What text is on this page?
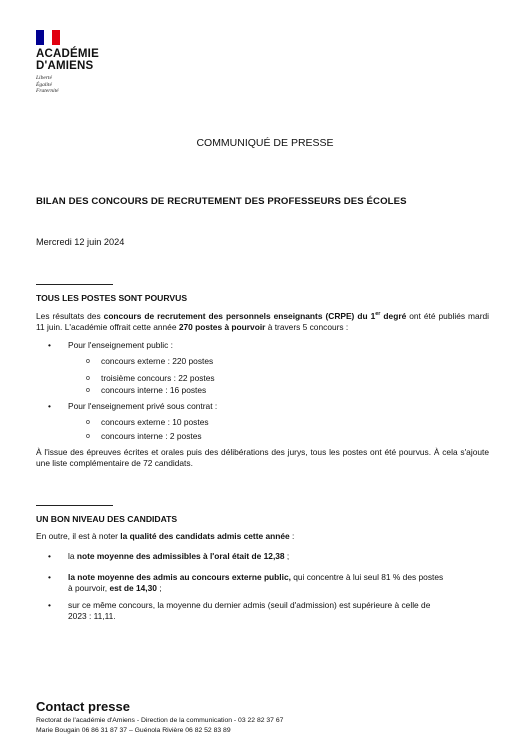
ACADÉMIE
D'AMIENS
Liberté
Égalité
Fraternité
COMMUNIQUÉ DE PRESSE
BILAN DES CONCOURS DE RECRUTEMENT DES PROFESSEURS DES ÉCOLES
Mercredi 12 juin 2024
TOUS LES POSTES SONT POURVUS
Les résultats des concours de recrutement des personnels enseignants (CRPE) du 1er degré ont été publiés mardi 11 juin. L'académie offrait cette année 270 postes à pourvoir à travers 5 concours :
• Pour l'enseignement public :
o concours externe : 220 postes
o troisième concours : 22 postes
o concours interne : 16 postes
• Pour l'enseignement privé sous contrat :
o concours externe : 10 postes
o concours interne : 2 postes
À l'issue des épreuves écrites et orales puis des délibérations des jurys, tous les postes ont été pourvus. À cela s'ajoute une liste complémentaire de 72 candidats.
UN BON NIVEAU DES CANDIDATS
En outre, il est à noter la qualité des candidats admis cette année :
• la note moyenne des admissibles à l'oral était de 12,38 ;
• la note moyenne des admis au concours externe public, qui concentre à lui seul 81 % des postes
à pourvoir, est de 14,30 ;
• sur ce même concours, la moyenne du dernier admis (seuil d'admission) est supérieure à celle de
2023 : 11,11.
Contact presse
Rectorat de l'académie d'Amiens - Direction de la communication - 03 22 82 37 67
Marie Bougain 06 86 31 87 37 – Guénola Rivière 06 82 52 83 89
